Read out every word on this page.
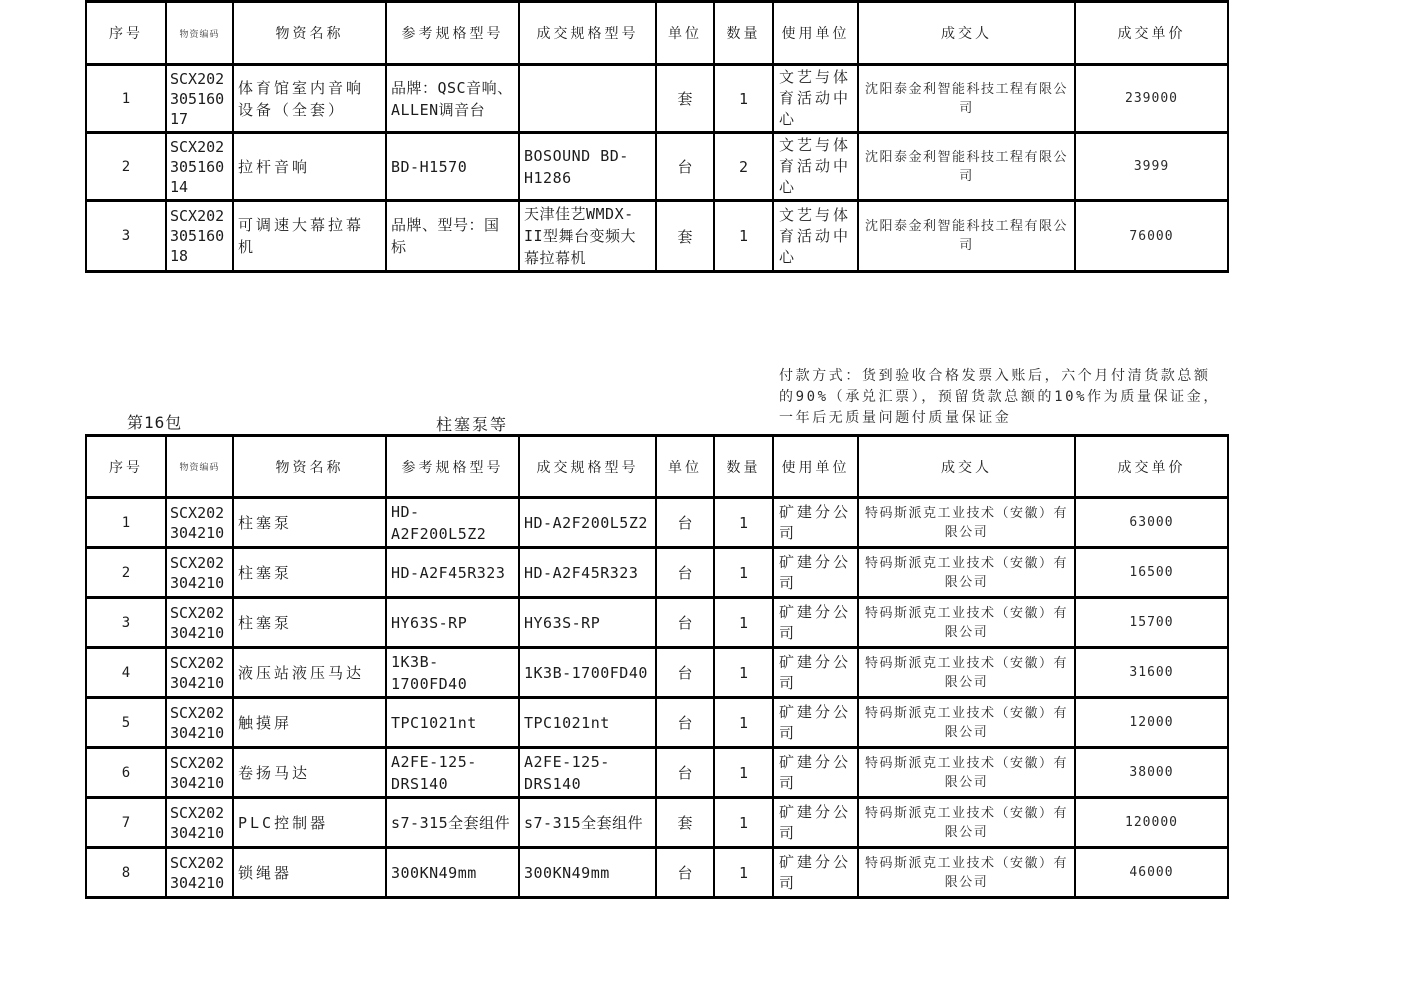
序号	物资编码	物资名称	参考规格型号	成交规格型号	单位	数量	使用单位	成交人	成交单价
1	SCX20230516017	体育馆室内音响设备（全套）	品牌：QSC音响、ALLEN调音台		套	1	文艺与体育活动中心	沈阳泰金利智能科技工程有限公司	239000
2	SCX20230516014	拉杆音响	BD-H1570	BOSOUND BD-H1286	台	2	文艺与体育活动中心	沈阳泰金利智能科技工程有限公司	3999
3	SCX20230516018	可调速大幕拉幕机	品牌、型号：国标	天津佳艺WMDX-II型舞台变频大幕拉幕机	套	1	文艺与体育活动中心	沈阳泰金利智能科技工程有限公司	76000
付款方式：货到验收合格发票入账后，六个月付清货款总额的90%（承兑汇票），预留货款总额的10%作为质量保证金，一年后无质量问题付质量保证金
第16包	柱塞泵等
序号	物资编码	物资名称	参考规格型号	成交规格型号	单位	数量	使用单位	成交人	成交单价
1	SCX202304210	柱塞泵	HD-A2F200L5Z2	HD-A2F200L5Z2	台	1	矿建分公司	特码斯派克工业技术（安徽）有限公司	63000
2	SCX202304210	柱塞泵	HD-A2F45R323	HD-A2F45R323	台	1	矿建分公司	特码斯派克工业技术（安徽）有限公司	16500
3	SCX202304210	柱塞泵	HY63S-RP	HY63S-RP	台	1	矿建分公司	特码斯派克工业技术（安徽）有限公司	15700
4	SCX202304210	液压站液压马达	1K3B-1700FD40	1K3B-1700FD40	台	1	矿建分公司	特码斯派克工业技术（安徽）有限公司	31600
5	SCX202304210	触摸屏	TPC1021nt	TPC1021nt	台	1	矿建分公司	特码斯派克工业技术（安徽）有限公司	12000
6	SCX202304210	卷扬马达	A2FE-125-DRS140	A2FE-125-DRS140	台	1	矿建分公司	特码斯派克工业技术（安徽）有限公司	38000
7	SCX202304210	PLC控制器	s7-315全套组件	s7-315全套组件	套	1	矿建分公司	特码斯派克工业技术（安徽）有限公司	120000
8	SCX202304210	锁绳器	300KN49mm	300KN49mm	台	1	矿建分公司	特码斯派克工业技术（安徽）有限公司	46000
